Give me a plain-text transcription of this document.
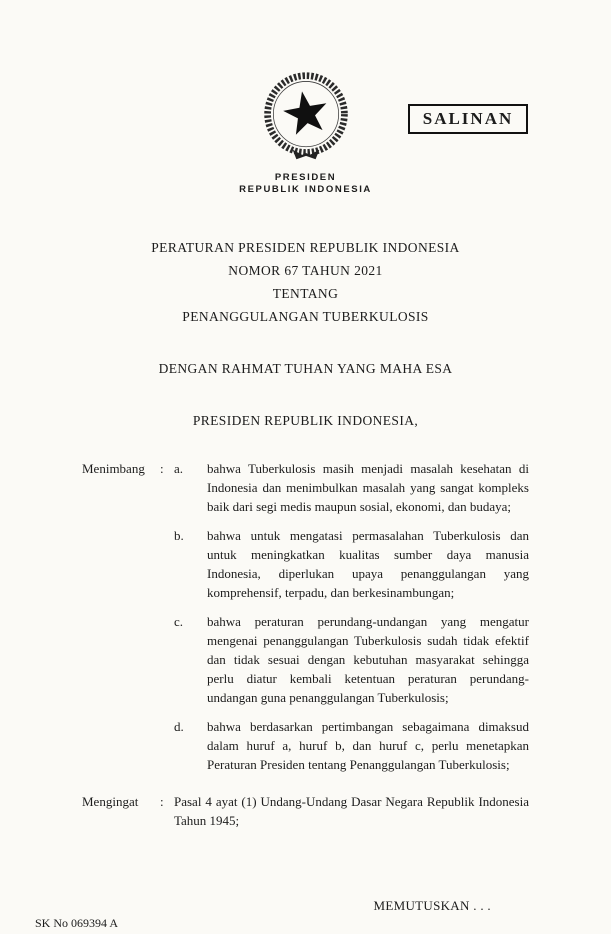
SALINAN
PRESIDEN
REPUBLIK INDONESIA
PERATURAN PRESIDEN REPUBLIK INDONESIA
NOMOR 67 TAHUN 2021
TENTANG
PENANGGULANGAN TUBERKULOSIS
DENGAN RAHMAT TUHAN YANG MAHA ESA
PRESIDEN REPUBLIK INDONESIA,
Menimbang	: a.	bahwa Tuberkulosis masih menjadi masalah kesehatan di Indonesia dan menimbulkan masalah yang sangat kompleks baik dari segi medis maupun sosial, ekonomi, dan budaya;
b.	bahwa untuk mengatasi permasalahan Tuberkulosis dan untuk meningkatkan kualitas sumber daya manusia Indonesia, diperlukan upaya penanggulangan yang komprehensif, terpadu, dan berkesinambungan;
c.	bahwa peraturan perundang-undangan yang mengatur mengenai penanggulangan Tuberkulosis sudah tidak efektif dan tidak sesuai dengan kebutuhan masyarakat sehingga perlu diatur kembali ketentuan peraturan perundang-undangan guna penanggulangan Tuberkulosis;
d.	bahwa berdasarkan pertimbangan sebagaimana dimaksud dalam huruf a, huruf b, dan huruf c, perlu menetapkan Peraturan Presiden tentang Penanggulangan Tuberkulosis;
Mengingat	: Pasal 4 ayat (1) Undang-Undang Dasar Negara Republik Indonesia Tahun 1945;
MEMUTUSKAN . . .
SK No 069394 A
